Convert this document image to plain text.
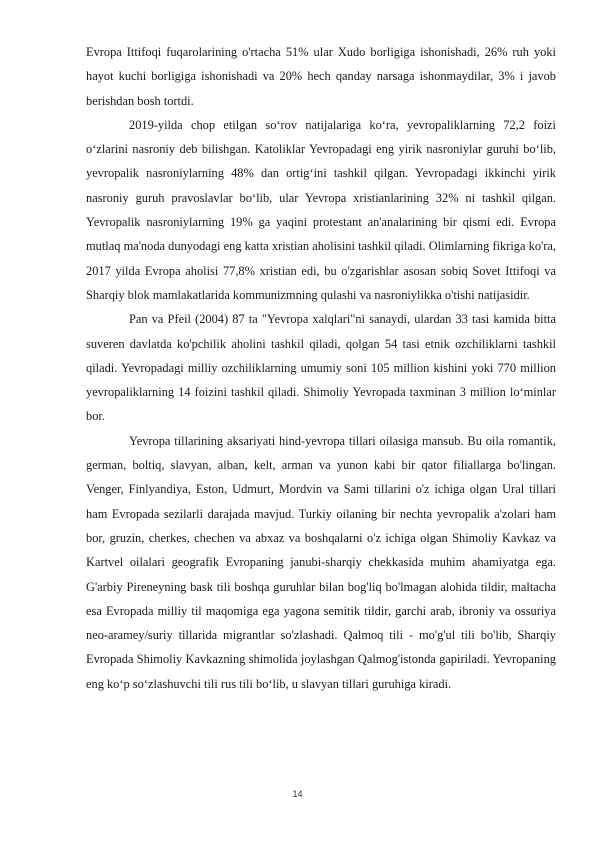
Evropa Ittifoqi fuqarolarining o'rtacha 51% ular Xudo borligiga ishonishadi, 26% ruh yoki hayot kuchi borligiga ishonishadi va 20% hech qanday narsaga ishonmaydilar, 3% i javob berishdan bosh tortdi.

2019-yilda chop etilgan so‘rov natijalariga ko‘ra, yevropaliklarning 72,2 foizi o‘zlarini nasroniy deb bilishgan. Katoliklar Yevropadagi eng yirik nasroniylar guruhi bo‘lib, yevropalik nasroniylarning 48% dan ortig‘ini tashkil qilgan. Yevropadagi ikkinchi yirik nasroniy guruh pravoslavlar bo‘lib, ular Yevropa xristianlarining 32% ni tashkil qilgan. Yevropalik nasroniylarning 19% ga yaqini protestant an'analarining bir qismi edi. Evropa mutlaq ma'noda dunyodagi eng katta xristian aholisini tashkil qiladi. Olimlarning fikriga ko'ra, 2017 yilda Evropa aholisi 77,8% xristian edi, bu o'zgarishlar asosan sobiq Sovet Ittifoqi va Sharqiy blok mamlakatlarida kommunizmning qulashi va nasroniylikka o'tishi natijasidir.

Pan va Pfeil (2004) 87 ta "Yevropa xalqlari"ni sanaydi, ulardan 33 tasi kamida bitta suveren davlatda ko'pchilik aholini tashkil qiladi, qolgan 54 tasi etnik ozchiliklarni tashkil qiladi. Yevropadagi milliy ozchiliklarning umumiy soni 105 million kishini yoki 770 million yevropaliklarning 14 foizini tashkil qiladi. Shimoliy Yevropada taxminan 3 million lo‘minlar bor.

Yevropa tillarining aksariyati hind-yevropa tillari oilasiga mansub. Bu oila romantik, german, boltiq, slavyan, alban, kelt, arman va yunon kabi bir qator filiallarga bo'lingan. Venger, Finlyandiya, Eston, Udmurt, Mordvin va Sami tillarini o'z ichiga olgan Ural tillari ham Evropada sezilarli darajada mavjud. Turkiy oilaning bir nechta yevropalik a'zolari ham bor, gruzin, cherkes, chechen va abxaz va boshqalarni o'z ichiga olgan Shimoliy Kavkaz va Kartvel oilalari geografik Evropaning janubi-sharqiy chekkasida muhim ahamiyatga ega. G'arbiy Pireneyning bask tili boshqa guruhlar bilan bog'liq bo'lmagan alohida tildir, maltacha esa Evropada milliy til maqomiga ega yagona semitik tildir, garchi arab, ibroniy va ossuriya neo-aramey/suriy tillarida migrantlar so'zlashadi. Qalmoq tili - mo'g'ul tili bo'lib, Sharqiy Evropada Shimoliy Kavkazning shimolida joylashgan Qalmog'istonda gapiriladi. Yevropaning eng ko‘p so‘zlashuvchi tili rus tili bo‘lib, u slavyan tillari guruhiga kiradi.

14
